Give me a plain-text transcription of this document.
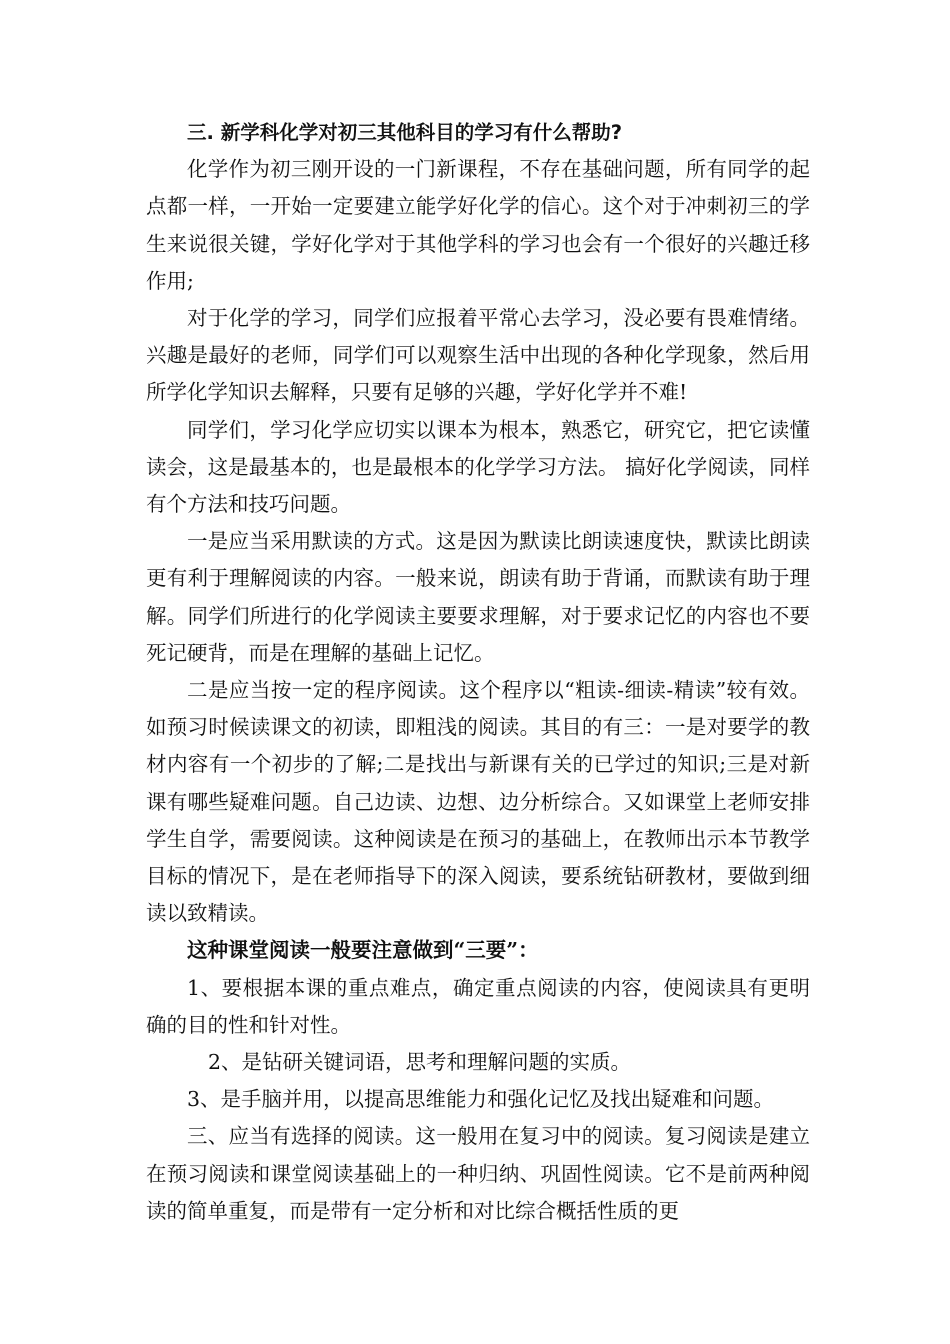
三. 新学科化学对初三其他科目的学习有什么帮助?

化学作为初三刚开设的一门新课程，不存在基础问题，所有同学的起点都一样，一开始一定要建立能学好化学的信心。这个对于冲刺初三的学生来说很关键，学好化学对于其他学科的学习也会有一个很好的兴趣迁移作用;

对于化学的学习，同学们应报着平常心去学习，没必要有畏难情绪。兴趣是最好的老师，同学们可以观察生活中出现的各种化学现象，然后用所学化学知识去解释，只要有足够的兴趣，学好化学并不难!

同学们，学习化学应切实以课本为根本，熟悉它，研究它，把它读懂读会，这是最基本的，也是最根本的化学学习方法。 搞好化学阅读，同样有个方法和技巧问题。

一是应当采用默读的方式。这是因为默读比朗读速度快，默读比朗读更有利于理解阅读的内容。一般来说，朗读有助于背诵，而默读有助于理解。同学们所进行的化学阅读主要要求理解，对于要求记忆的内容也不要死记硬背，而是在理解的基础上记忆。

二是应当按一定的程序阅读。这个程序以“粗读-细读-精读”较有效。如预习时候读课文的初读，即粗浅的阅读。其目的有三：一是对要学的教材内容有一个初步的了解;二是找出与新课有关的已学过的知识;三是对新课有哪些疑难问题。自己边读、边想、边分析综合。又如课堂上老师安排学生自学，需要阅读。这种阅读是在预习的基础上，在教师出示本节教学目标的情况下，是在老师指导下的深入阅读，要系统钻研教材，要做到细读以致精读。

这种课堂阅读一般要注意做到“三要”：

1、要根据本课的重点难点，确定重点阅读的内容，使阅读具有更明确的目的性和针对性。

2、是钻研关键词语，思考和理解问题的实质。

3、是手脑并用，以提高思维能力和强化记忆及找出疑难和问题。

三、应当有选择的阅读。这一般用在复习中的阅读。复习阅读是建立在预习阅读和课堂阅读基础上的一种归纳、巩固性阅读。它不是前两种阅读的简单重复，而是带有一定分析和对比综合概括性质的更
